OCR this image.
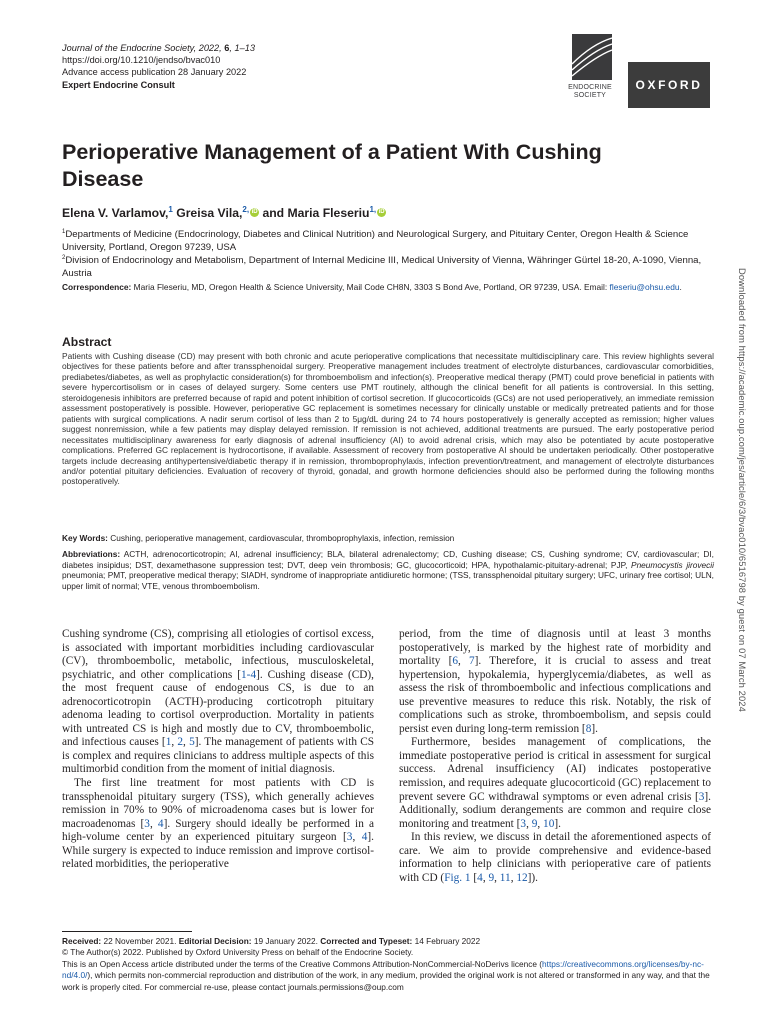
Journal of the Endocrine Society, 2022, 6, 1–13
https://doi.org/10.1210/jendso/bvac010
Advance access publication 28 January 2022
Expert Endocrine Consult	ENDOCRINE
SOCIETY
OXFORD
Perioperative Management of a Patient With Cushing Disease
Elena V. Varlamov,$^1$ Greisa Vila,$^{2,}$ iD and Maria Fleseriu$^{1,}$ iD
$^1$Departments of Medicine (Endocrinology, Diabetes and Clinical Nutrition) and Neurological Surgery, and Pituitary Center, Oregon Health & Science University, Portland, Oregon 97239, USA
$^2$Division of Endocrinology and Metabolism, Department of Internal Medicine III, Medical University of Vienna, Währinger Gürtel 18-20, A-1090, Vienna, Austria
Correspondence: Maria Fleseriu, MD, Oregon Health & Science University, Mail Code CH8N, 3303 S Bond Ave, Portland, OR 97239, USA. Email: fleseriu@ohsu.edu.
Abstract
Patients with Cushing disease (CD) may present with both chronic and acute perioperative complications that necessitate multidisciplinary care. This review highlights several objectives for these patients before and after transsphenoidal surgery. Preoperative management includes treatment of electrolyte disturbances, cardiovascular comorbidities, prediabetes/diabetes, as well as prophylactic consideration(s) for thromboembolism and infection(s). Preoperative medical therapy (PMT) could prove beneficial in patients with severe hypercortisolism or in cases of delayed surgery. Some centers use PMT routinely, although the clinical benefit for all patients is controversial. In this setting, steroidogenesis inhibitors are preferred because of rapid and potent inhibition of cortisol secretion. If glucocorticoids (GCs) are not used perioperatively, an immediate remission assessment postoperatively is possible. However, perioperative GC replacement is sometimes necessary for clinically unstable or medically pretreated patients and for those patients with surgical complications. A nadir serum cortisol of less than 2 to 5μg/dL during 24 to 74 hours postoperatively is generally accepted as remission; higher values suggest nonremission, while a few patients may display delayed remission. If remission is not achieved, additional treatments are pursued. The early postoperative period necessitates multidisciplinary awareness for early diagnosis of adrenal insufficiency (AI) to avoid adrenal crisis, which may also be potentiated by acute postoperative complications. Preferred GC replacement is hydrocortisone, if available. Assessment of recovery from postoperative AI should be undertaken periodically. Other postoperative targets include decreasing antihypertensive/diabetic therapy if in remission, thromboprophylaxis, infection prevention/treatment, and management of electrolyte disturbances and/or potential pituitary deficiencies. Evaluation of recovery of thyroid, gonadal, and growth hormone deficiencies should also be performed during the following months postoperatively.
Key Words: Cushing, perioperative management, cardiovascular, thromboprophylaxis, infection, remission
Abbreviations: ACTH, adrenocorticotropin; AI, adrenal insufficiency; BLA, bilateral adrenalectomy; CD, Cushing disease; CS, Cushing syndrome; CV, cardiovascular; DI, diabetes insipidus; DST, dexamethasone suppression test; DVT, deep vein thrombosis; GC, glucocorticoid; HPA, hypothalamic-pituitary-adrenal; PJP, Pneumocystis jirovecii pneumonia; PMT, preoperative medical therapy; SIADH, syndrome of inappropriate antidiuretic hormone; (TSS, transsphenoidal pituitary surgery; UFC, urinary free cortisol; ULN, upper limit of normal; VTE, venous thromboembolism.

Cushing syndrome (CS), comprising all etiologies of cortisol excess, is associated with important morbidities including cardiovascular (CV), thromboembolic, metabolic, infectious, musculoskeletal, psychiatric, and other complications [1-4]. Cushing disease (CD), the most frequent cause of endogenous CS, is due to an adrenocorticotropin (ACTH)-producing corticotroph pituitary adenoma leading to cortisol overproduction. Mortality in patients with untreated CS is high and mostly due to CV, thromboembolic, and infectious causes [1, 2, 5]. The management of patients with CS is complex and requires clinicians to address multiple aspects of this multimorbid condition from the moment of initial diagnosis.

The first line treatment for most patients with CD is transsphenoidal pituitary surgery (TSS), which generally achieves remission in 70% to 90% of microadenoma cases but is lower for macroadenomas [3, 4]. Surgery should ideally be performed in a high-volume center by an experienced pituitary surgeon [3, 4]. While surgery is expected to induce remission and improve cortisol-related morbidities, the perioperative

period, from the time of diagnosis until at least 3 months postoperatively, is marked by the highest rate of morbidity and mortality [6, 7]. Therefore, it is crucial to assess and treat hypertension, hypokalemia, hyperglycemia/diabetes, as well as assess the risk of thromboembolic and infectious complications and use preventive measures to reduce this risk. Notably, the risk of complications such as stroke, thromboembolism, and sepsis could persist even during long-term remission [8].

Furthermore, besides management of complications, the immediate postoperative period is critical in assessment for surgical success. Adrenal insufficiency (AI) indicates postoperative remission, and requires adequate glucocorticoid (GC) replacement to prevent severe GC withdrawal symptoms or even adrenal crisis [3]. Additionally, sodium derangements are common and require close monitoring and treatment [3, 9, 10].

In this review, we discuss in detail the aforementioned aspects of care. We aim to provide comprehensive and evidence-based information to help clinicians with perioperative care of patients with CD (Fig. 1 [4, 9, 11, 12]).

Received: 22 November 2021. Editorial Decision: 19 January 2022. Corrected and Typeset: 14 February 2022
© The Author(s) 2022. Published by Oxford University Press on behalf of the Endocrine Society.
This is an Open Access article distributed under the terms of the Creative Commons Attribution-NonCommercial-NoDerivs licence (https://creativecommons.org/licenses/by-nc-nd/4.0/), which permits non-commercial reproduction and distribution of the work, in any medium, provided the original work is not altered or transformed in any way, and that the work is properly cited. For commercial re-use, please contact journals.permissions@oup.com
Downloaded from https://academic.oup.com/jes/article/6/3/bvac010/6516798 by guest on 07 March 2024
